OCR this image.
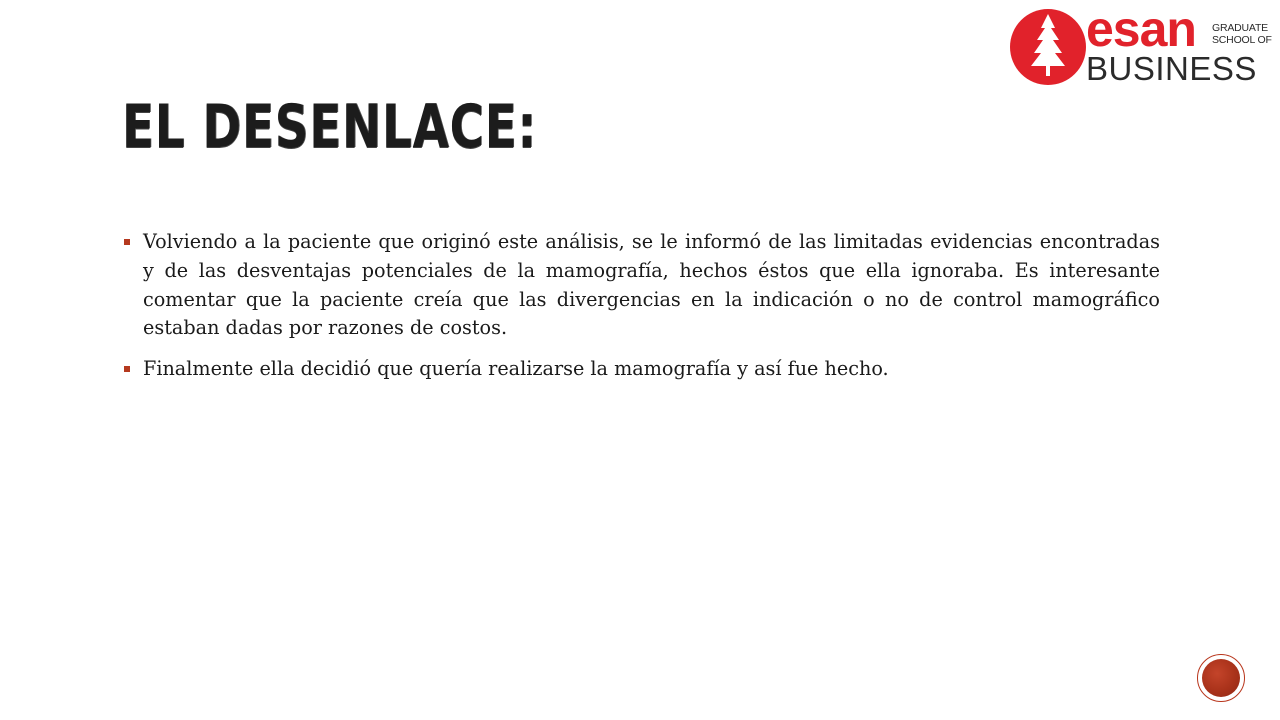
esan GRADUATE
SCHOOL OF
BUSINESS
EL DESENLACE:
Volviendo a la paciente que originó este análisis, se le informó de las limitadas evidencias encontradas y de las desventajas potenciales de la mamografía, hechos éstos que ella ignoraba. Es interesante comentar que la paciente creía que las divergencias en la indicación o no de control mamográfico estaban dadas por razones de costos.
Finalmente ella decidió que quería realizarse la mamografía y así fue hecho.
